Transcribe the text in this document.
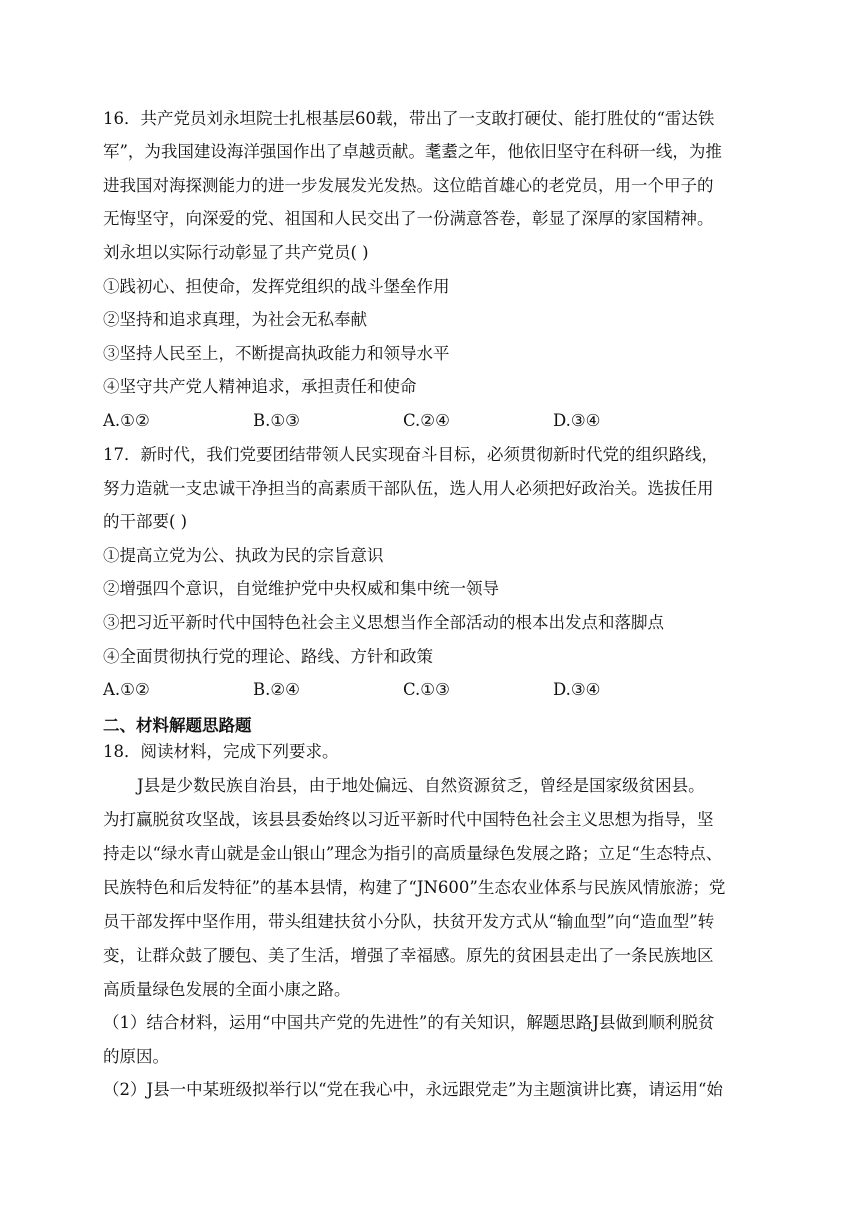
16．共产党员刘永坦院士扎根基层60载，带出了一支敢打硬仗、能打胜仗的“雷达铁
军”，为我国建设海洋强国作出了卓越贡献。耄耋之年，他依旧坚守在科研一线，为推
进我国对海探测能力的进一步发展发光发热。这位皓首雄心的老党员，用一个甲子的
无悔坚守，向深爱的党、祖国和人民交出了一份满意答卷，彰显了深厚的家国精神。
刘永坦以实际行动彰显了共产党员( )
①践初心、担使命，发挥党组织的战斗堡垒作用
②坚持和追求真理，为社会无私奉献
③坚持人民至上，不断提高执政能力和领导水平
④坚守共产党人精神追求，承担责任和使命
A.①②	B.①③	C.②④	D.③④
17．新时代，我们党要团结带领人民实现奋斗目标，必须贯彻新时代党的组织路线，
努力造就一支忠诚干净担当的高素质干部队伍，选人用人必须把好政治关。选拔任用
的干部要( )
①提高立党为公、执政为民的宗旨意识
②增强四个意识，自觉维护党中央权威和集中统一领导
③把习近平新时代中国特色社会主义思想当作全部活动的根本出发点和落脚点
④全面贯彻执行党的理论、路线、方针和政策
A.①②	B.②④	C.①③	D.③④
二、材料解题思路题
18．阅读材料，完成下列要求。
J县是少数民族自治县，由于地处偏远、自然资源贫乏，曾经是国家级贫困县。
为打赢脱贫攻坚战，该县县委始终以习近平新时代中国特色社会主义思想为指导，坚
持走以“绿水青山就是金山银山”理念为指引的高质量绿色发展之路；立足“生态特点、
民族特色和后发特征”的基本县情，构建了“JN600”生态农业体系与民族风情旅游；党
员干部发挥中坚作用，带头组建扶贫小分队，扶贫开发方式从“输血型”向“造血型”转
变，让群众鼓了腰包、美了生活，增强了幸福感。原先的贫困县走出了一条民族地区
高质量绿色发展的全面小康之路。
（1）结合材料，运用“中国共产党的先进性”的有关知识，解题思路J县做到顺利脱贫
的原因。
（2）J县一中某班级拟举行以“党在我心中，永远跟党走”为主题演讲比赛，请运用“始
